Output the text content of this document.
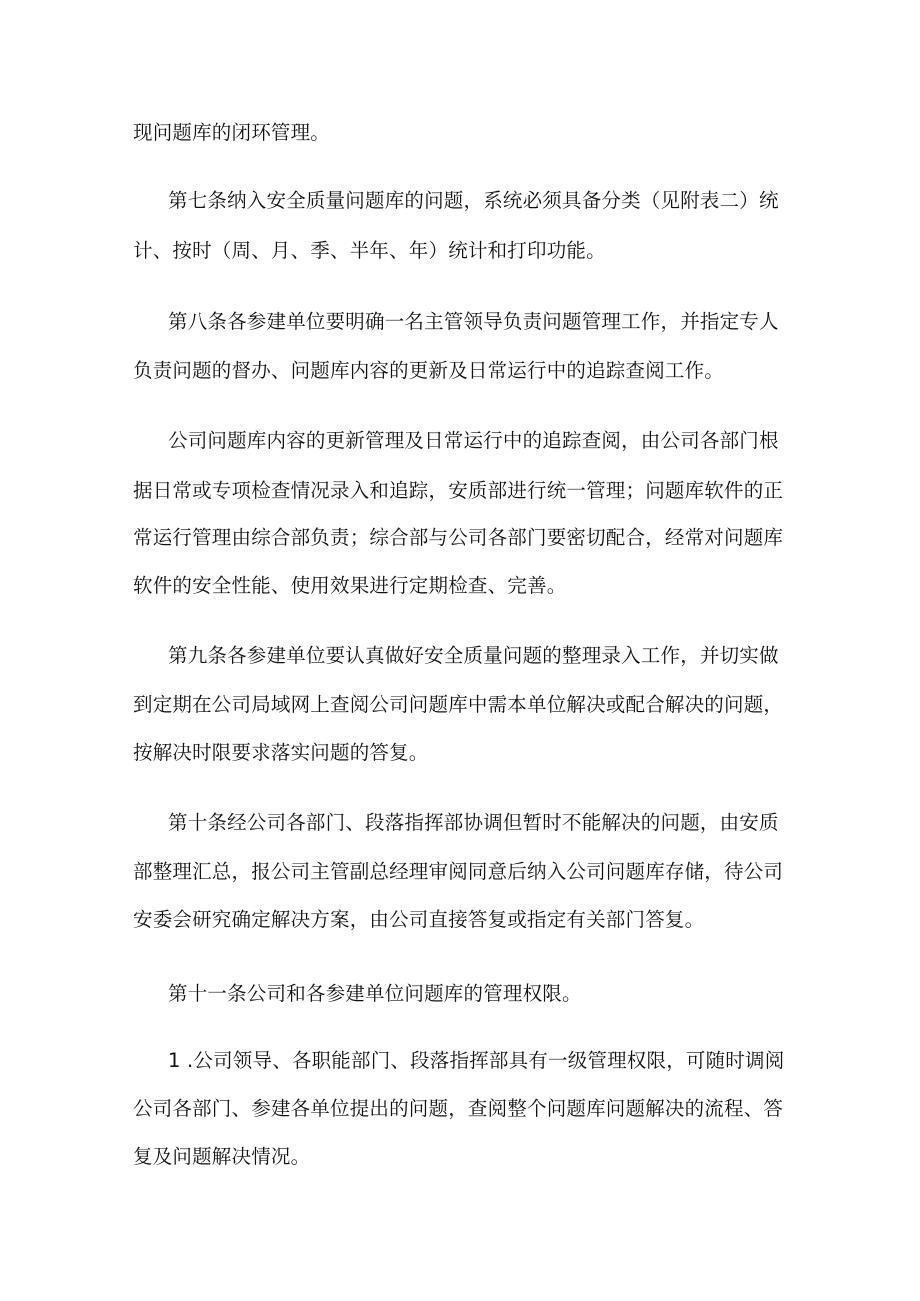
现问题库的闭环管理。
第七条纳入安全质量问题库的问题，系统必须具备分类（见附表二）统
计、按时（周、月、季、半年、年）统计和打印功能。
第八条各参建单位要明确一名主管领导负责问题管理工作，并指定专人
负责问题的督办、问题库内容的更新及日常运行中的追踪查阅工作。
公司问题库内容的更新管理及日常运行中的追踪查阅，由公司各部门根
据日常或专项检查情况录入和追踪，安质部进行统一管理；问题库软件的正
常运行管理由综合部负责；综合部与公司各部门要密切配合，经常对问题库
软件的安全性能、使用效果进行定期检查、完善。
第九条各参建单位要认真做好安全质量问题的整理录入工作，并切实做
到定期在公司局域网上查阅公司问题库中需本单位解决或配合解决的问题，
按解决时限要求落实问题的答复。
第十条经公司各部门、段落指挥部协调但暂时不能解决的问题，由安质
部整理汇总，报公司主管副总经理审阅同意后纳入公司问题库存储，待公司
安委会研究确定解决方案，由公司直接答复或指定有关部门答复。
第十一条公司和各参建单位问题库的管理权限。
1 .公司领导、各职能部门、段落指挥部具有一级管理权限，可随时调阅
公司各部门、参建各单位提出的问题，查阅整个问题库问题解决的流程、答
复及问题解决情况。
